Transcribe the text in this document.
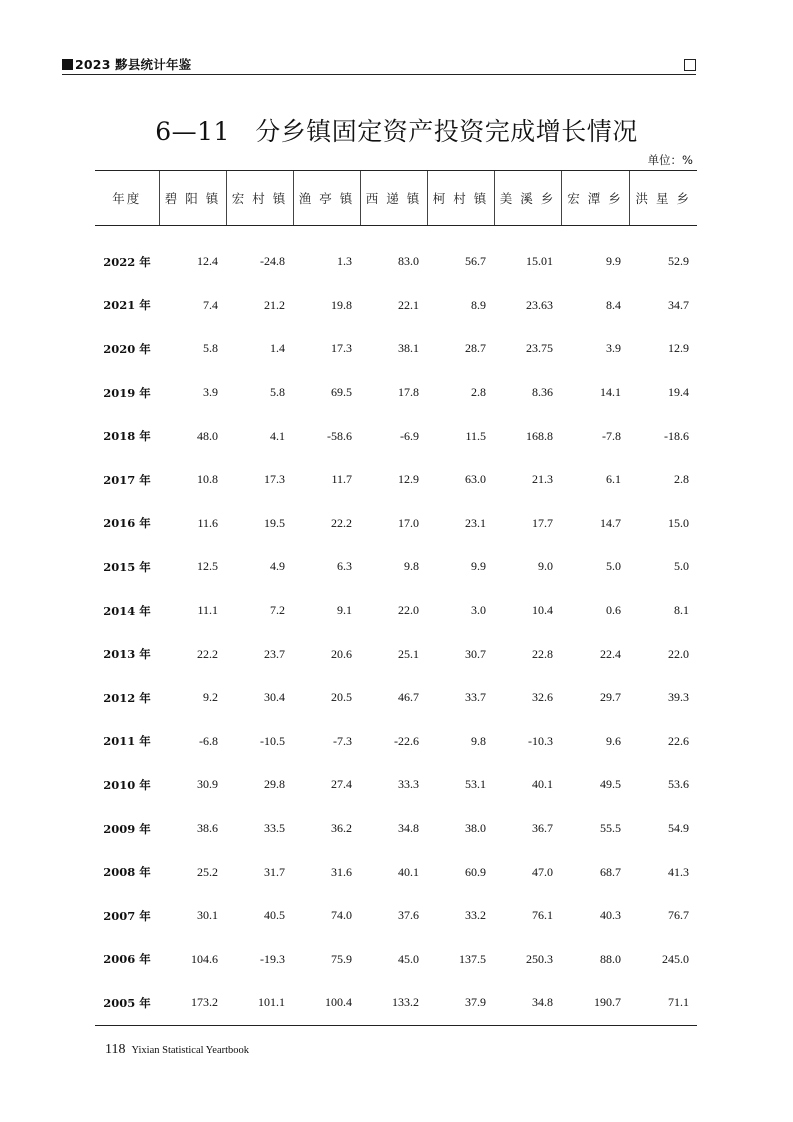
2023 黟县统计年鉴
6—11   分乡镇固定资产投资完成增长情况
单位：%
年度	碧 阳 镇	宏 村 镇	渔 亭 镇	西 递 镇	柯 村 镇	美 溪 乡	宏 潭 乡	洪 星 乡
2022 年	12.4	-24.8	1.3	83.0	56.7	15.01	9.9	52.9
2021 年	7.4	21.2	19.8	22.1	8.9	23.63	8.4	34.7
2020 年	5.8	1.4	17.3	38.1	28.7	23.75	3.9	12.9
2019 年	3.9	5.8	69.5	17.8	2.8	8.36	14.1	19.4
2018 年	48.0	4.1	-58.6	-6.9	11.5	168.8	-7.8	-18.6
2017 年	10.8	17.3	11.7	12.9	63.0	21.3	6.1	2.8
2016 年	11.6	19.5	22.2	17.0	23.1	17.7	14.7	15.0
2015 年	12.5	4.9	6.3	9.8	9.9	9.0	5.0	5.0
2014 年	11.1	7.2	9.1	22.0	3.0	10.4	0.6	8.1
2013 年	22.2	23.7	20.6	25.1	30.7	22.8	22.4	22.0
2012 年	9.2	30.4	20.5	46.7	33.7	32.6	29.7	39.3
2011 年	-6.8	-10.5	-7.3	-22.6	9.8	-10.3	9.6	22.6
2010 年	30.9	29.8	27.4	33.3	53.1	40.1	49.5	53.6
2009 年	38.6	33.5	36.2	34.8	38.0	36.7	55.5	54.9
2008 年	25.2	31.7	31.6	40.1	60.9	47.0	68.7	41.3
2007 年	30.1	40.5	74.0	37.6	33.2	76.1	40.3	76.7
2006 年	104.6	-19.3	75.9	45.0	137.5	250.3	88.0	245.0
2005 年	173.2	101.1	100.4	133.2	37.9	34.8	190.7	71.1
118 Yixian Statistical Yeartbook
